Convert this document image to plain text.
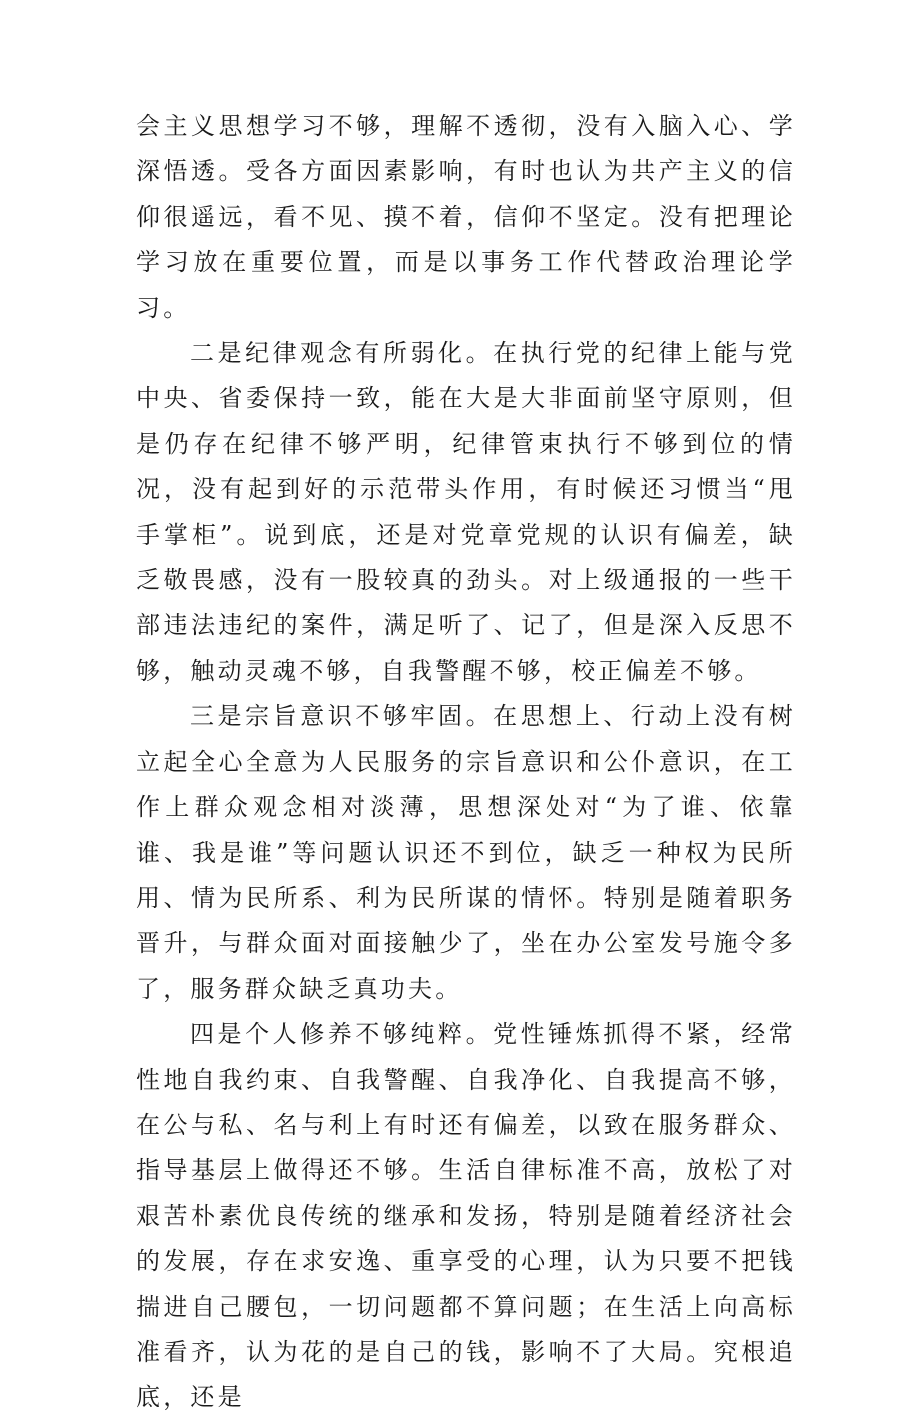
会主义思想学习不够，理解不透彻，没有入脑入心、学深悟透。受各方面因素影响，有时也认为共产主义的信仰很遥远，看不见、摸不着，信仰不坚定。没有把理论学习放在重要位置，而是以事务工作代替政治理论学习。

二是纪律观念有所弱化。在执行党的纪律上能与党中央、省委保持一致，能在大是大非面前坚守原则，但是仍存在纪律不够严明，纪律管束执行不够到位的情况，没有起到好的示范带头作用，有时候还习惯当“甩手掌柜”。说到底，还是对党章党规的认识有偏差，缺乏敬畏感，没有一股较真的劲头。对上级通报的一些干部违法违纪的案件，满足听了、记了，但是深入反思不够，触动灵魂不够，自我警醒不够，校正偏差不够。

三是宗旨意识不够牢固。在思想上、行动上没有树立起全心全意为人民服务的宗旨意识和公仆意识，在工作上群众观念相对淡薄，思想深处对“为了谁、依靠谁、我是谁”等问题认识还不到位，缺乏一种权为民所用、情为民所系、利为民所谋的情怀。特别是随着职务晋升，与群众面对面接触少了，坐在办公室发号施令多了，服务群众缺乏真功夫。

四是个人修养不够纯粹。党性锤炼抓得不紧，经常性地自我约束、自我警醒、自我净化、自我提高不够，在公与私、名与利上有时还有偏差，以致在服务群众、指导基层上做得还不够。生活自律标准不高，放松了对艰苦朴素优良传统的继承和发扬，特别是随着经济社会的发展，存在求安逸、重享受的心理，认为只要不把钱揣进自己腰包，一切问题都不算问题；在生活上向高标准看齐，认为花的是自己的钱，影响不了大局。究根追底，还是
